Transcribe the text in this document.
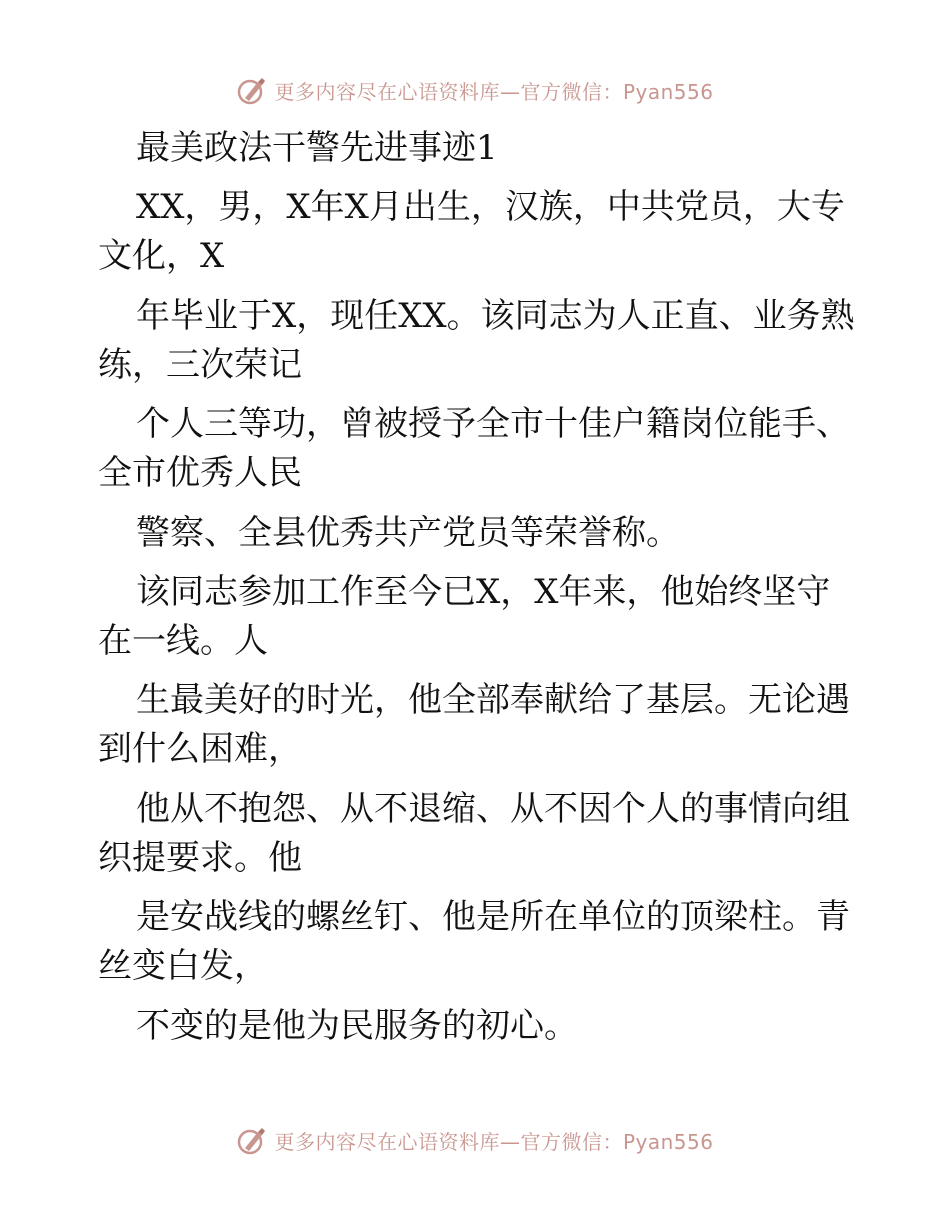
更多内容尽在心语资料库—官方微信：Pyan556
最美政法干警先进事迹1
XX，男，X年X月出生，汉族，中共党员，大专
文化，X
年毕业于X，现任XX。该同志为人正直、业务熟
练，三次荣记
个人三等功，曾被授予全市十佳户籍岗位能手、
全市优秀人民
警察、全县优秀共产党员等荣誉称。
该同志参加工作至今已X，X年来，他始终坚守
在一线。人
生最美好的时光，他全部奉献给了基层。无论遇
到什么困难，
他从不抱怨、从不退缩、从不因个人的事情向组
织提要求。他
是安战线的螺丝钉、他是所在单位的顶梁柱。青
丝变白发，
不变的是他为民服务的初心。
更多内容尽在心语资料库—官方微信：Pyan556
